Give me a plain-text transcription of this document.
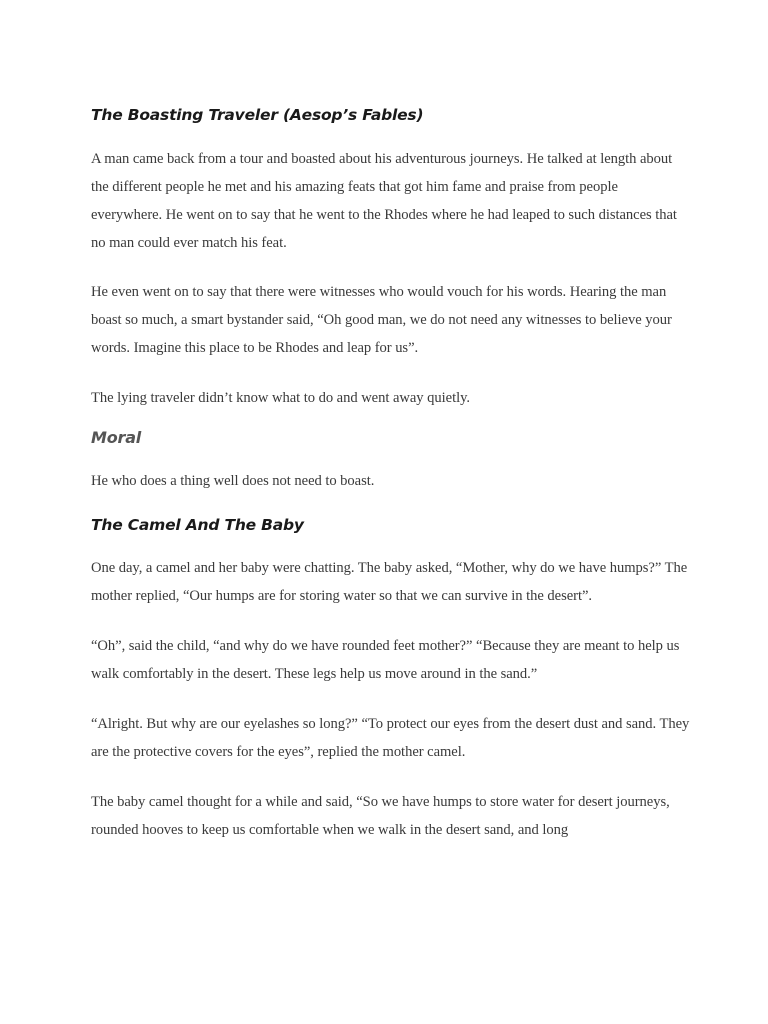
The Boasting Traveler (Aesop’s Fables)

A man came back from a tour and boasted about his adventurous journeys. He talked at length about the different people he met and his amazing feats that got him fame and praise from people everywhere. He went on to say that he went to the Rhodes where he had leaped to such distances that no man could ever match his feat.

He even went on to say that there were witnesses who would vouch for his words. Hearing the man boast so much, a smart bystander said, “Oh good man, we do not need any witnesses to believe your words. Imagine this place to be Rhodes and leap for us”.

The lying traveler didn’t know what to do and went away quietly.

Moral

He who does a thing well does not need to boast.

The Camel And The Baby

One day, a camel and her baby were chatting. The baby asked, “Mother, why do we have humps?” The mother replied, “Our humps are for storing water so that we can survive in the desert”.

“Oh”, said the child, “and why do we have rounded feet mother?” “Because they are meant to help us walk comfortably in the desert. These legs help us move around in the sand.”

“Alright. But why are our eyelashes so long?” “To protect our eyes from the desert dust and sand. They are the protective covers for the eyes”, replied the mother camel.

The baby camel thought for a while and said, “So we have humps to store water for desert journeys, rounded hooves to keep us comfortable when we walk in the desert sand, and long
